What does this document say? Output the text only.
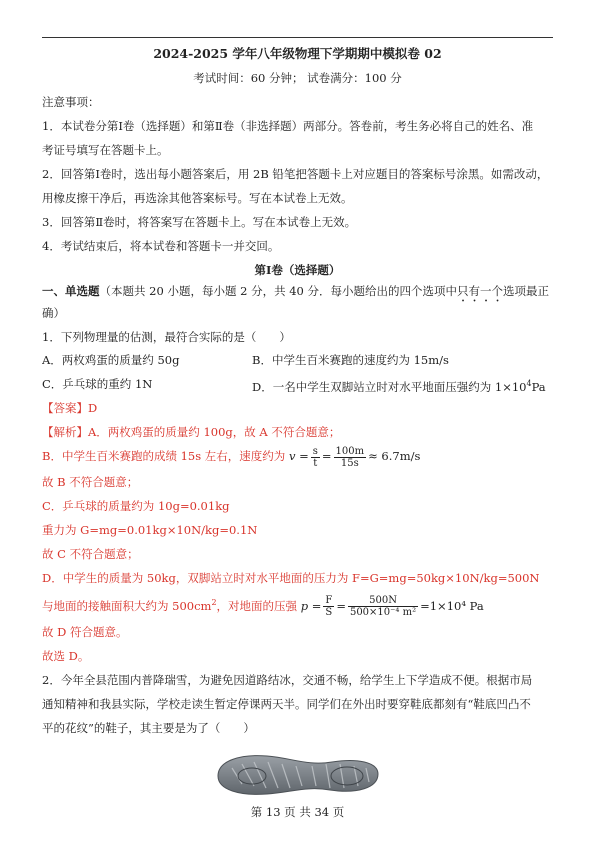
2024-2025 学年八年级物理下学期期中模拟卷 02
考试时间：60 分钟； 试卷满分：100 分
注意事项：
1．本试卷分第Ⅰ卷（选择题）和第Ⅱ卷（非选择题）两部分。答卷前，考生务必将自己的姓名、准
考证号填写在答题卡上。
2．回答第Ⅰ卷时，选出每小题答案后，用 2B 铅笔把答题卡上对应题目的答案标号涂黑。如需改动，
用橡皮擦干净后，再选涂其他答案标号。写在本试卷上无效。
3．回答第Ⅱ卷时，将答案写在答题卡上。写在本试卷上无效。
4．考试结束后，将本试卷和答题卡一并交回。
第Ⅰ卷（选择题）
一、单选题（本题共 20 小题，每小题 2 分，共 40 分．每小题给出的四个选项中只有一个选项最正
确）
1．下列物理量的估测，最符合实际的是（　　）
A．两枚鸡蛋的质量约 50g	B．中学生百米赛跑的速度约为 15m/s
C．乒乓球的重约 1N	D．一名中学生双脚站立时对水平地面压强约为 $1\times 10^4Pa$
【答案】D
【解析】A．两枚鸡蛋的质量约 100g，故 A 不符合题意；
B．中学生百米赛跑的成绩 15s 左右，速度约为 $v = \frac{s}{t} = \frac{100m}{15s} \approx 6.7m/s$
故 B 不符合题意；
C．乒乓球的质量约为 10g=0.01kg
重力为 G=mg=0.01kg×10N/kg=0.1N
故 C 不符合题意；
D．中学生的质量为 50kg，双脚站立时对水平地面的压力为 F=G=mg=50kg×10N/kg=500N
与地面的接触面积大约为 $500cm^2$，对地面的压强 $p = \frac{F}{S} = \frac{500N}{\text{500×10⁻⁴ m²}} =1\times 10^4$ Pa
故 D 符合题意。
故选 D。
2．今年全县范围内普降瑞雪，为避免因道路结冰，交通不畅，给学生上下学造成不便。根据市局
通知精神和我县实际，学校走读生暂定停课两天半。同学们在外出时要穿鞋底都刻有“鞋底凹凸不
平的花纹”的鞋子，其主要是为了（　　）
第 13 页 共 34 页
